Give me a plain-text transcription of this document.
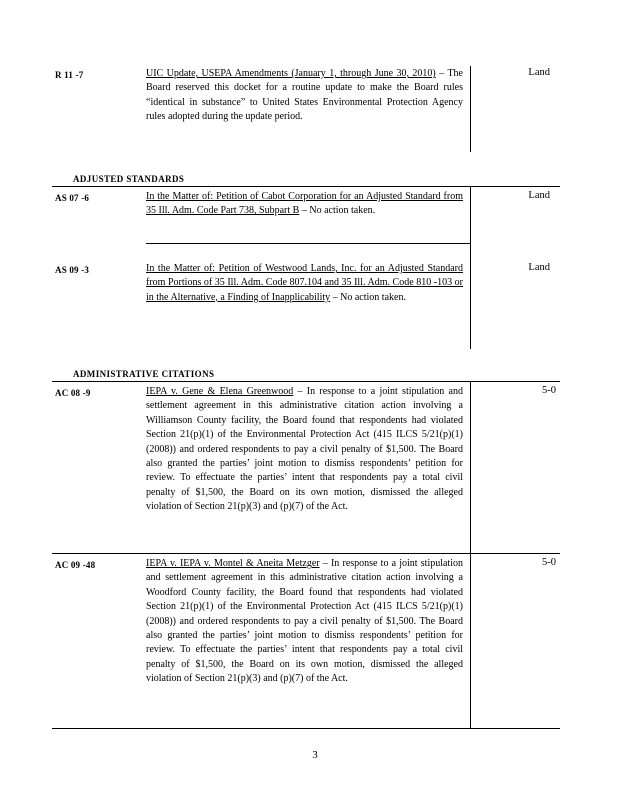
R 11 -7	UIC Update, USEPA Amendments (January 1, through June 30, 2010) – The Board reserved this docket for a routine update to make the Board rules “identical in substance” to United States Environmental Protection Agency rules adopted during the update period.
Land
ADJUSTED STANDARDS
AS 07 -6	In the Matter of: Petition of Cabot Corporation for an Adjusted Standard from 35 Ill. Adm. Code Part 738, Subpart B – No action taken.
Land
AS 09 -3	In the Matter of: Petition of Westwood Lands, Inc. for an Adjusted Standard from Portions of 35 Ill. Adm. Code 807.104 and 35 Ill. Adm. Code 810 -103 or in the Alternative, a Finding of Inapplicability – No action taken.
Land
ADMINISTRATIVE CITATIONS
AC 08 -9	IEPA v. Gene & Elena Greenwood – In response to a joint stipulation and settlement agreement in this administrative citation action involving a Williamson County facility, the Board found that respondents had violated Section 21(p)(1) of the Environmental Protection Act (415 ILCS 5/21(p)(1) (2008)) and ordered respondents to pay a civil penalty of $1,500. The Board also granted the parties’ joint motion to dismiss respondents’ petition for review. To effectuate the parties’ intent that respondents pay a total civil penalty of $1,500, the Board on its own motion, dismissed the alleged violation of Section 21(p)(3) and (p)(7) of the Act.
5-0
AC 09 -48	IEPA v. IEPA v. Montel & Aneita Metzger – In response to a joint stipulation and settlement agreement in this administrative citation action involving a Woodford County facility, the Board found that respondents had violated Section 21(p)(1) of the Environmental Protection Act (415 ILCS 5/21(p)(1) (2008)) and ordered respondents to pay a civil penalty of $1,500. The Board also granted the parties’ joint motion to dismiss respondents’ petition for review. To effectuate the parties’ intent that respondents pay a total civil penalty of $1,500, the Board on its own motion, dismissed the alleged violation of Section 21(p)(3) and (p)(7) of the Act.
5-0
3
